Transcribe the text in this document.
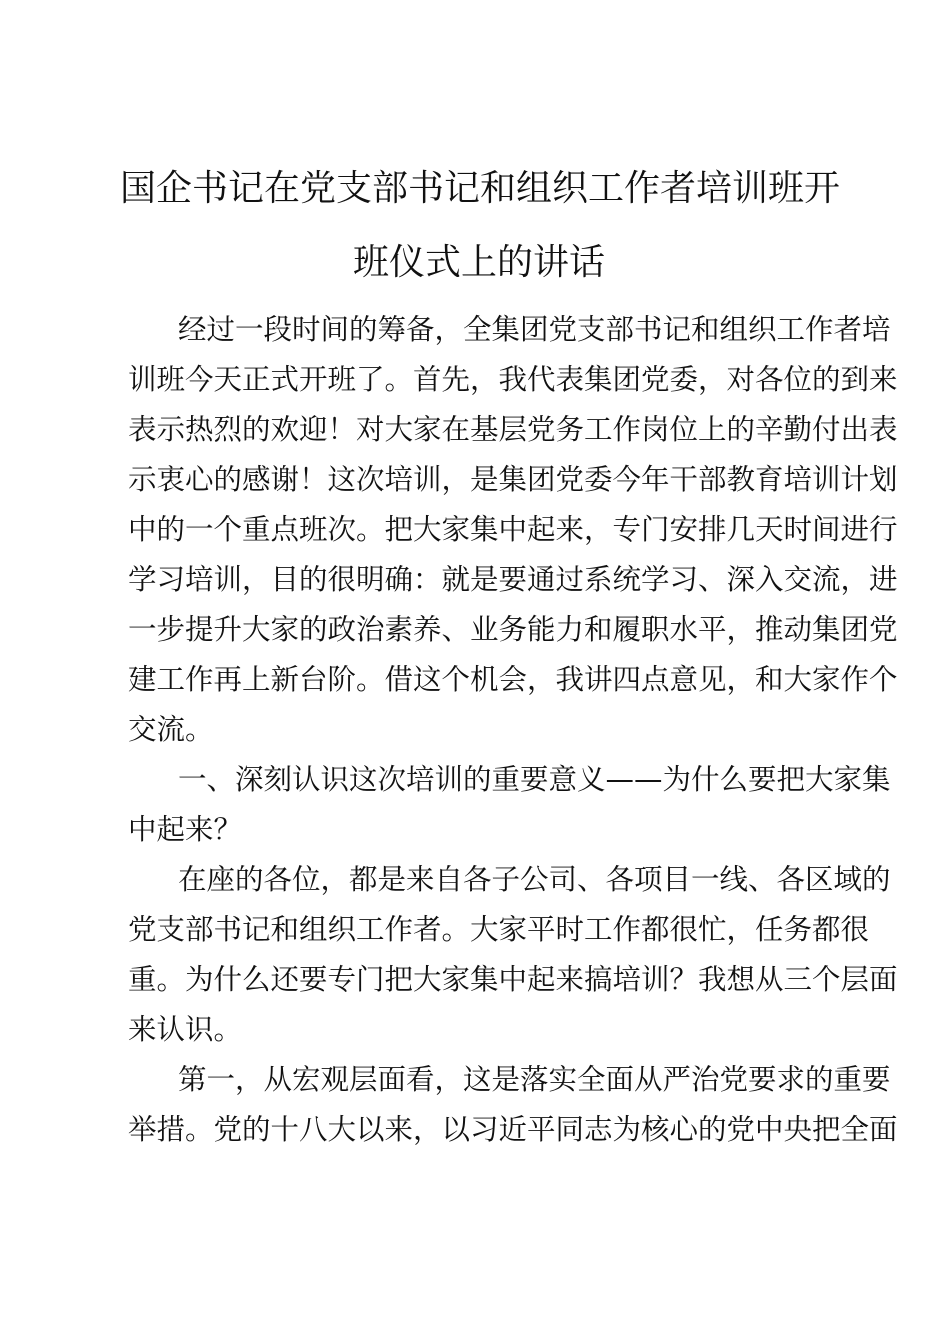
国企书记在党支部书记和组织工作者培训班开
班仪式上的讲话
经过一段时间的筹备，全集团党支部书记和组织工作者培
训班今天正式开班了。首先，我代表集团党委，对各位的到来
表示热烈的欢迎！对大家在基层党务工作岗位上的辛勤付出表
示衷心的感谢！这次培训，是集团党委今年干部教育培训计划
中的一个重点班次。把大家集中起来，专门安排几天时间进行
学习培训，目的很明确：就是要通过系统学习、深入交流，进
一步提升大家的政治素养、业务能力和履职水平，推动集团党
建工作再上新台阶。借这个机会，我讲四点意见，和大家作个
交流。
一、深刻认识这次培训的重要意义——为什么要把大家集
中起来？
在座的各位，都是来自各子公司、各项目一线、各区域的
党支部书记和组织工作者。大家平时工作都很忙，任务都很
重。为什么还要专门把大家集中起来搞培训？我想从三个层面
来认识。
第一，从宏观层面看，这是落实全面从严治党要求的重要
举措。党的十八大以来，以习近平同志为核心的党中央把全面
